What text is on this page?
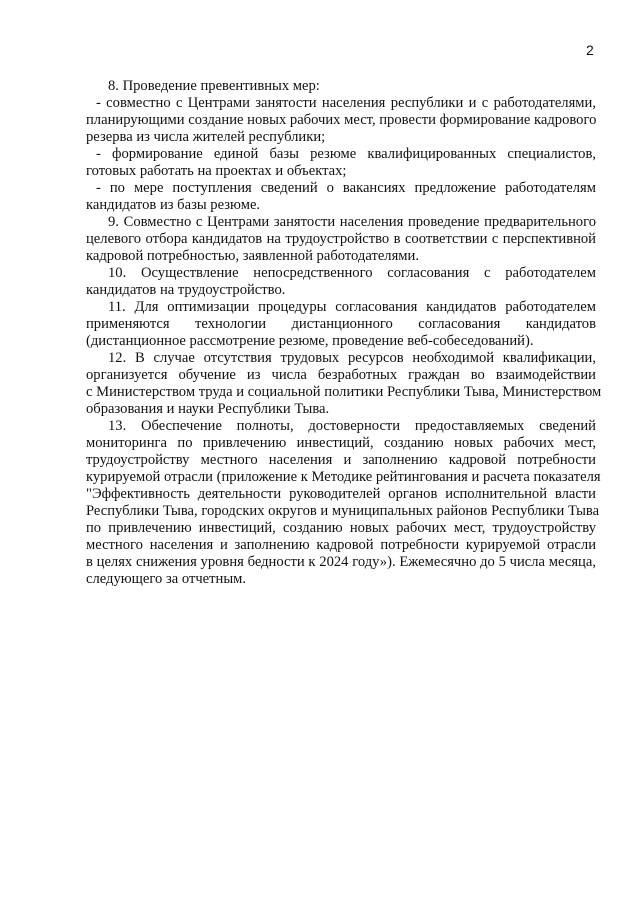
2
8. Проведение превентивных мер:
- совместно с Центрами занятости населения республики и с работодателями,
планирующими создание новых рабочих мест, провести формирование кадрового
резерва из числа жителей республики;
- формирование единой базы резюме квалифицированных специалистов,
готовых работать на проектах и объектах;
- по мере поступления сведений о вакансиях предложение работодателям
кандидатов из базы резюме.
9. Совместно с Центрами занятости населения проведение предварительного
целевого отбора кандидатов на трудоустройство в соответствии с перспективной
кадровой потребностью, заявленной работодателями.
10. Осуществление непосредственного согласования с работодателем
кандидатов на трудоустройство.
11. Для оптимизации процедуры согласования кандидатов работодателем
применяются технологии дистанционного согласования кандидатов
(дистанционное рассмотрение резюме, проведение веб-собеседований).
12. В случае отсутствия трудовых ресурсов необходимой квалификации,
организуется обучение из числа безработных граждан во взаимодействии
с Министерством труда и социальной политики Республики Тыва, Министерством
образования и науки Республики Тыва.
13. Обеспечение полноты, достоверности предоставляемых сведений
мониторинга по привлечению инвестиций, созданию новых рабочих мест,
трудоустройству местного населения и заполнению кадровой потребности
курируемой отрасли (приложение к Методике рейтингования и расчета показателя
"Эффективность деятельности руководителей органов исполнительной власти
Республики Тыва, городских округов и муниципальных районов Республики Тыва
по привлечению инвестиций, созданию новых рабочих мест, трудоустройству
местного населения и заполнению кадровой потребности курируемой отрасли
в целях снижения уровня бедности к 2024 году»). Ежемесячно до 5 числа месяца,
следующего за отчетным.
